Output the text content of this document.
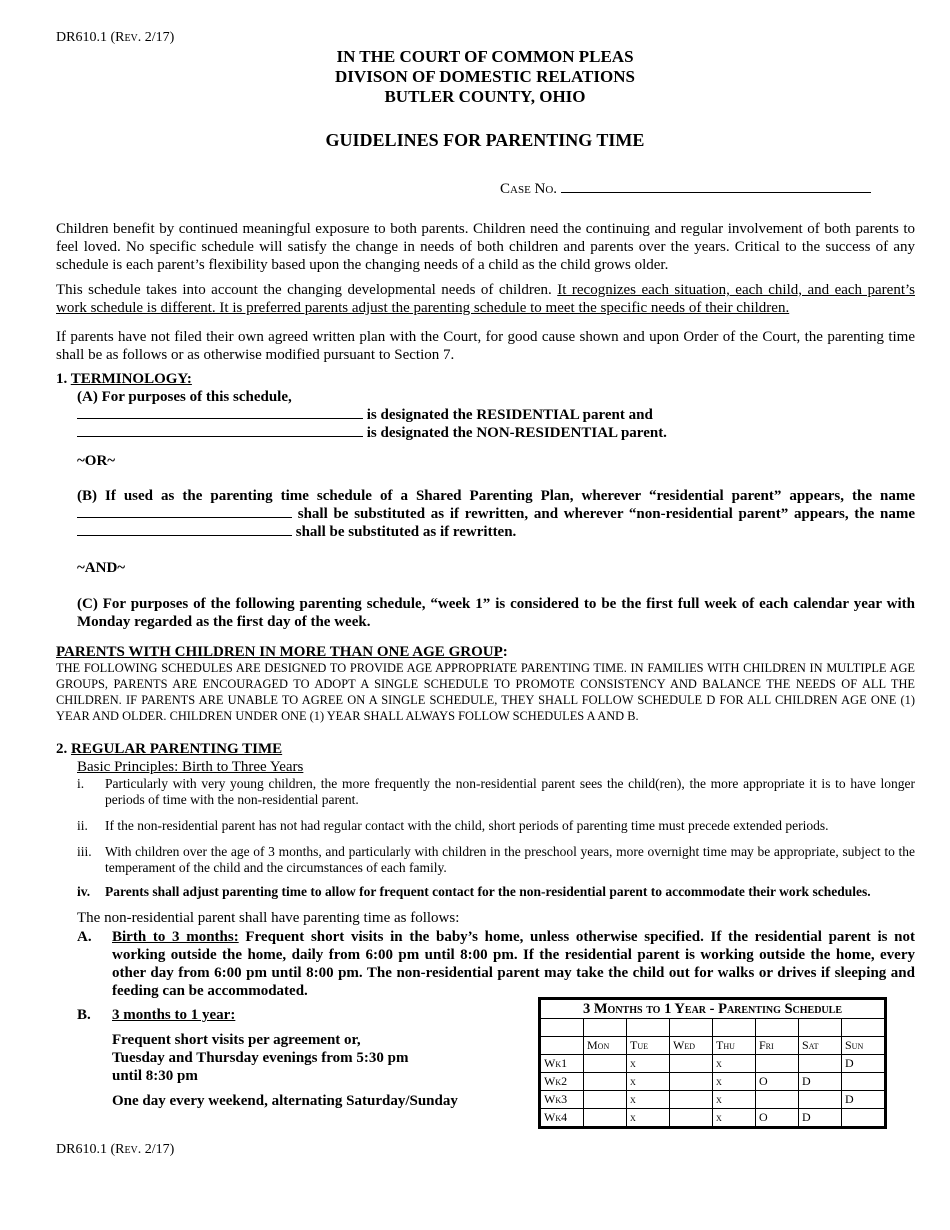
DR610.1 (Rev. 2/17)
IN THE COURT OF COMMON PLEAS
DIVISON OF DOMESTIC RELATIONS
BUTLER COUNTY, OHIO
GUIDELINES FOR PARENTING TIME
Case No.
Children benefit by continued meaningful exposure to both parents. Children need the continuing and regular involvement of both parents to feel loved. No specific schedule will satisfy the change in needs of both children and parents over the years. Critical to the success of any schedule is each parent’s flexibility based upon the changing needs of a child as the child grows older.
This schedule takes into account the changing developmental needs of children. It recognizes each situation, each child, and each parent’s work schedule is different. It is preferred parents adjust the parenting schedule to meet the specific needs of their children.
If parents have not filed their own agreed written plan with the Court, for good cause shown and upon Order of the Court, the parenting time shall be as follows or as otherwise modified pursuant to Section 7.
1. TERMINOLOGY:
(A) For purposes of this schedule,
is designated the RESIDENTIAL parent and
is designated the NON-RESIDENTIAL parent.
~OR~
(B) If used as the parenting time schedule of a Shared Parenting Plan, wherever “residential parent” appears, the name  shall be substituted as if rewritten, and wherever “non-residential parent” appears, the name  shall be substituted as if rewritten.
~AND~
(C) For purposes of the following parenting schedule, “week 1” is considered to be the first full week of each calendar year with Monday regarded as the first day of the week.
PARENTS WITH CHILDREN IN MORE THAN ONE AGE GROUP:
THE FOLLOWING SCHEDULES ARE DESIGNED TO PROVIDE AGE APPROPRIATE PARENTING TIME. IN FAMILIES WITH CHILDREN IN MULTIPLE AGE GROUPS, PARENTS ARE ENCOURAGED TO ADOPT A SINGLE SCHEDULE TO PROMOTE CONSISTENCY AND BALANCE THE NEEDS OF ALL THE CHILDREN. IF PARENTS ARE UNABLE TO AGREE ON A SINGLE SCHEDULE, THEY SHALL FOLLOW SCHEDULE D FOR ALL CHILDREN AGE ONE (1) YEAR AND OLDER. CHILDREN UNDER ONE (1) YEAR SHALL ALWAYS FOLLOW SCHEDULES A AND B.
2. REGULAR PARENTING TIME
Basic Principles: Birth to Three Years
i. Particularly with very young children, the more frequently the non-residential parent sees the child(ren), the more appropriate it is to have longer periods of time with the non-residential parent.
ii. If the non-residential parent has not had regular contact with the child, short periods of parenting time must precede extended periods.
iii. With children over the age of 3 months, and particularly with children in the preschool years, more overnight time may be appropriate, subject to the temperament of the child and the circumstances of each family.
iv. Parents shall adjust parenting time to allow for frequent contact for the non-residential parent to accommodate their work schedules.
The non-residential parent shall have parenting time as follows:
A. Birth to 3 months: Frequent short visits in the baby’s home, unless otherwise specified. If the residential parent is not working outside the home, daily from 6:00 pm until 8:00 pm. If the residential parent is working outside the home, every other day from 6:00 pm until 8:00 pm. The non-residential parent may take the child out for walks or drives if sleeping and feeding can be accommodated.
B. 3 months to 1 year:
Frequent short visits per agreement or,
Tuesday and Thursday evenings from 5:30 pm
until 8:30 pm
One day every weekend, alternating Saturday/Sunday
3 Months to 1 Year - Parenting Schedule							

	Mon	Tue	Wed	Thu	Fri	Sat	Sun
Wk1		x		x			D
Wk2		x		x	O	D	
Wk3		x		x			D
Wk4		x		x	O	D	
DR610.1 (Rev. 2/17)
